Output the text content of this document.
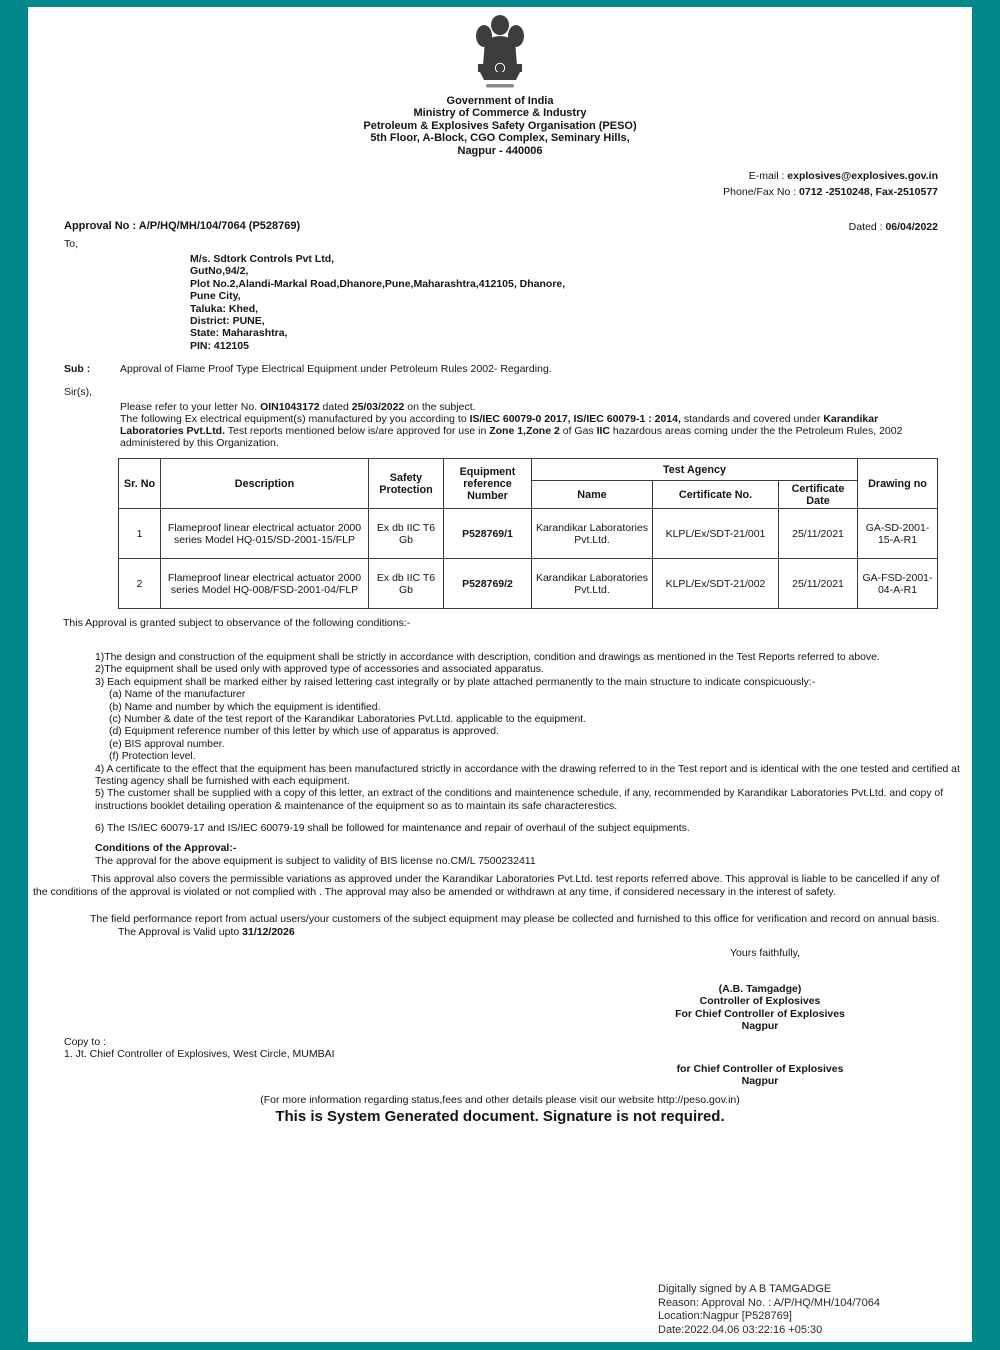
Government of India
Ministry of Commerce & Industry
Petroleum & Explosives Safety Organisation (PESO)
5th Floor, A-Block, CGO Complex, Seminary Hills,
Nagpur - 440006
E-mail : explosives@explosives.gov.in
Phone/Fax No : 0712 -2510248, Fax-2510577
Approval No : A/P/HQ/MH/104/7064 (P528769)	Dated : 06/04/2022
To,
M/s. Sdtork Controls Pvt Ltd,
GutNo,94/2,
Plot No.2,Alandi-Markal Road,Dhanore,Pune,Maharashtra,412105, Dhanore,
Pune City,
Taluka: Khed,
District: PUNE,
State: Maharashtra,
PIN: 412105
Sub :	Approval of Flame Proof Type Electrical Equipment under Petroleum Rules 2002- Regarding.
Sir(s),
Please refer to your letter No. OIN1043172 dated 25/03/2022 on the subject.
The following Ex electrical equipment(s) manufactured by you according to IS/IEC 60079-0 2017, IS/IEC 60079-1 : 2014, standards and covered under Karandikar Laboratories Pvt.Ltd. Test reports mentioned below is/are approved for use in Zone 1,Zone 2 of Gas IIC hazardous areas coming under the the Petroleum Rules, 2002 administered by this Organization.
Sr. No	Description	Safety Protection	Equipment reference Number	Test Agency			Drawing no
				Name	Certificate No.	Certificate Date	
1	Flameproof linear electrical actuator 2000 series Model HQ-015/SD-2001-15/FLP	Ex db IIC T6 Gb	P528769/1	Karandikar Laboratories Pvt.Ltd.	KLPL/Ex/SDT-21/001	25/11/2021	GA-SD-2001-15-A-R1
2	Flameproof linear electrical actuator 2000 series Model HQ-008/FSD-2001-04/FLP	Ex db IIC T6 Gb	P528769/2	Karandikar Laboratories Pvt.Ltd.	KLPL/Ex/SDT-21/002	25/11/2021	GA-FSD-2001-04-A-R1
This Approval is granted subject to observance of the following conditions:-
1)The design and construction of the equipment shall be strictly in accordance with description, condition and drawings as mentioned in the Test Reports referred to above.
2)The equipment shall be used only with approved type of accessories and associated apparatus.
3) Each equipment shall be marked either by raised lettering cast integrally or by plate attached permanently to the main structure to indicate conspicuously:-
(a) Name of the manufacturer
(b) Name and number by which the equipment is identified.
(c) Number & date of the test report of the Karandikar Laboratories Pvt.Ltd. applicable to the equipment.
(d) Equipment reference number of this letter by which use of apparatus is approved.
(e) BIS approval number.
(f) Protection level.
4) A certificate to the effect that the equipment has been manufactured strictly in accordance with the drawing referred to in the Test report and is identical with the one tested and certified at Testing agency shall be furnished with each equipment.
5) The customer shall be supplied with a copy of this letter, an extract of the conditions and maintenence schedule, if any, recommended by Karandikar Laboratories Pvt.Ltd. and copy of instructions booklet detailing operation & maintenance of the equipment so as to maintain its safe characterestics.
6) The IS/IEC 60079-17 and IS/IEC 60079-19 shall be followed for maintenance and repair of overhaul of the subject equipments.
Conditions of the Approval:-
The approval for the above equipment is subject to validity of BIS license no.CM/L 7500232411
This approval also covers the permissible variations as approved under the Karandikar Laboratories Pvt.Ltd. test reports referred above. This approval is liable to be cancelled if any of the conditions of the approval is violated or not complied with . The approval may also be amended or withdrawn at any time, if considered necessary in the interest of safety.
The field performance report from actual users/your customers of the subject equipment may please be collected and furnished to this office for verification and record on annual basis.
The Approval is Valid upto 31/12/2026
Yours faithfully,
(A.B. Tamgadge)
Controller of Explosives
For Chief Controller of Explosives
Nagpur
Copy to :
1. Jt. Chief Controller of Explosives, West Circle, MUMBAI
for Chief Controller of Explosives
Nagpur
(For more information regarding status,fees and other details please visit our website http://peso.gov.in)
This is System Generated document. Signature is not required.
Digitally signed by A B TAMGADGE
Reason: Approval No. : A/P/HQ/MH/104/7064
Location:Nagpur [P528769]
Date:2022.04.06 03:22:16 +05:30
